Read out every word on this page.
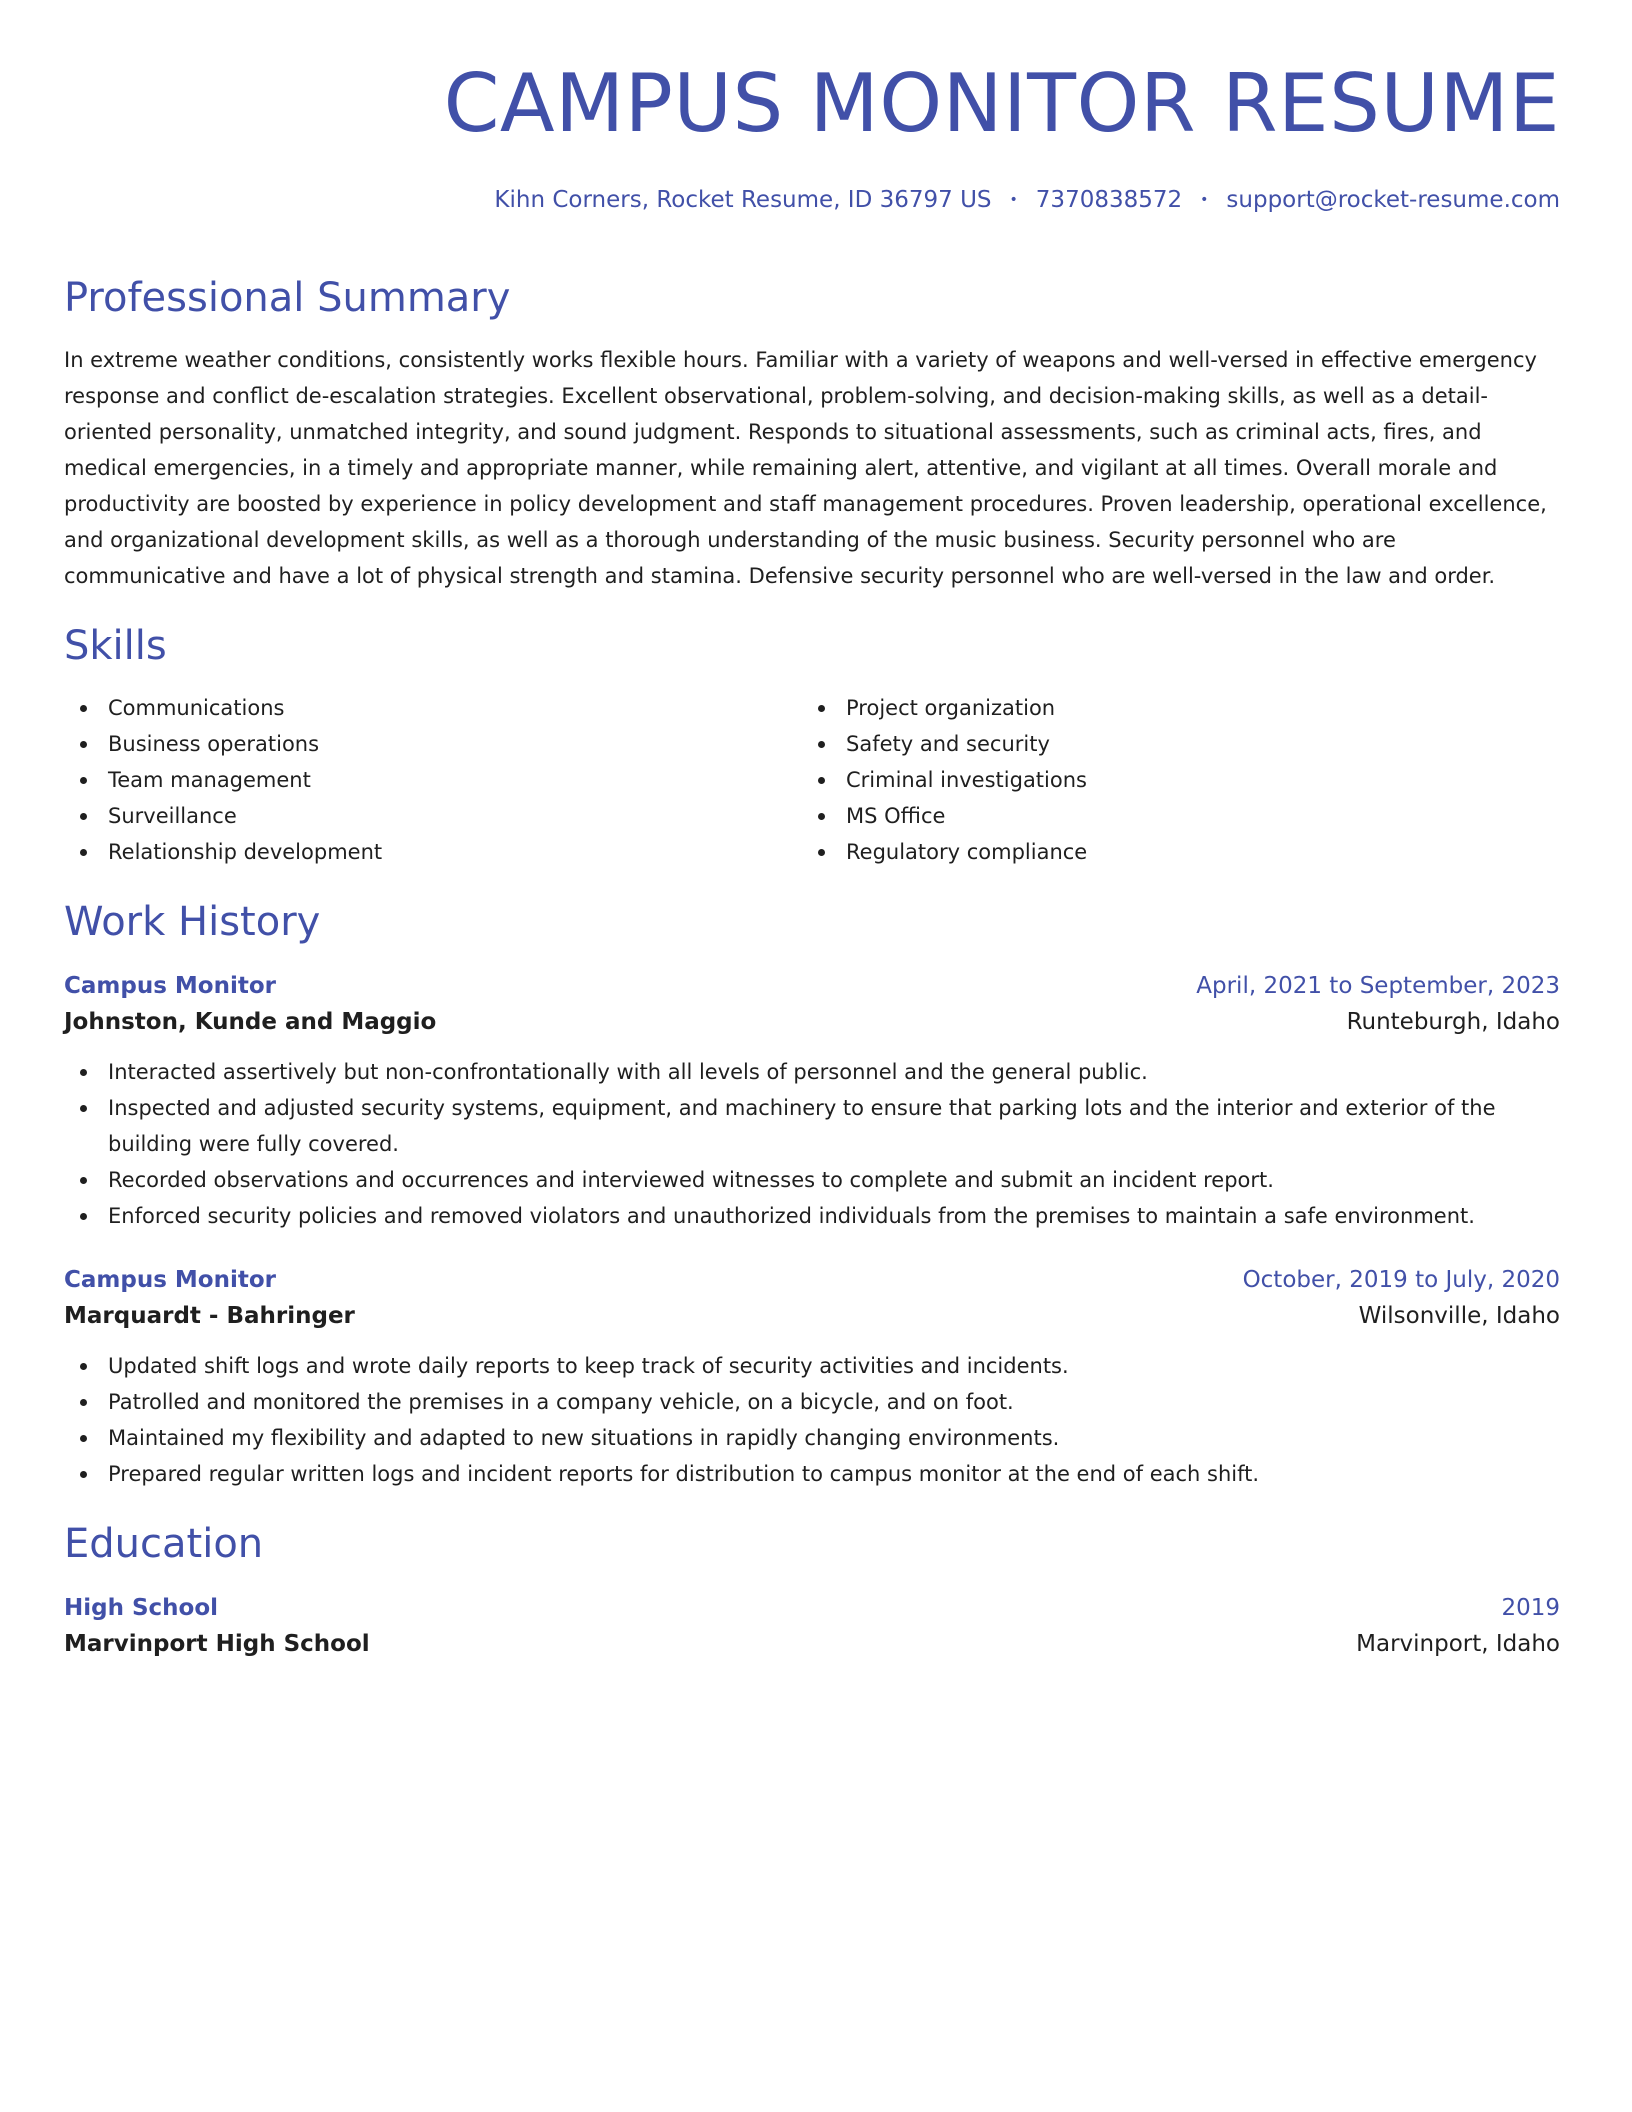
CAMPUS MONITOR RESUME
Kihn Corners, Rocket Resume, ID 36797 US • 7370838572 • support@rocket-resume.com
Professional Summary
In extreme weather conditions, consistently works flexible hours. Familiar with a variety of weapons and well-versed in effective emergency response and conflict de-escalation strategies. Excellent observational, problem-solving, and decision-making skills, as well as a detail-oriented personality, unmatched integrity, and sound judgment. Responds to situational assessments, such as criminal acts, fires, and medical emergencies, in a timely and appropriate manner, while remaining alert, attentive, and vigilant at all times. Overall morale and productivity are boosted by experience in policy development and staff management procedures. Proven leadership, operational excellence, and organizational development skills, as well as a thorough understanding of the music business. Security personnel who are communicative and have a lot of physical strength and stamina. Defensive security personnel who are well-versed in the law and order.
Skills
Communications
Business operations
Team management
Surveillance
Relationship development
Project organization
Safety and security
Criminal investigations
MS Office
Regulatory compliance
Work History
Campus Monitor	April, 2021 to September, 2023
Johnston, Kunde and Maggio	Runteburgh, Idaho
Interacted assertively but non-confrontationally with all levels of personnel and the general public.
Inspected and adjusted security systems, equipment, and machinery to ensure that parking lots and the interior and exterior of the building were fully covered.
Recorded observations and occurrences and interviewed witnesses to complete and submit an incident report.
Enforced security policies and removed violators and unauthorized individuals from the premises to maintain a safe environment.
Campus Monitor	October, 2019 to July, 2020
Marquardt - Bahringer	Wilsonville, Idaho
Updated shift logs and wrote daily reports to keep track of security activities and incidents.
Patrolled and monitored the premises in a company vehicle, on a bicycle, and on foot.
Maintained my flexibility and adapted to new situations in rapidly changing environments.
Prepared regular written logs and incident reports for distribution to campus monitor at the end of each shift.
Education
High School	2019
Marvinport High School	Marvinport, Idaho
